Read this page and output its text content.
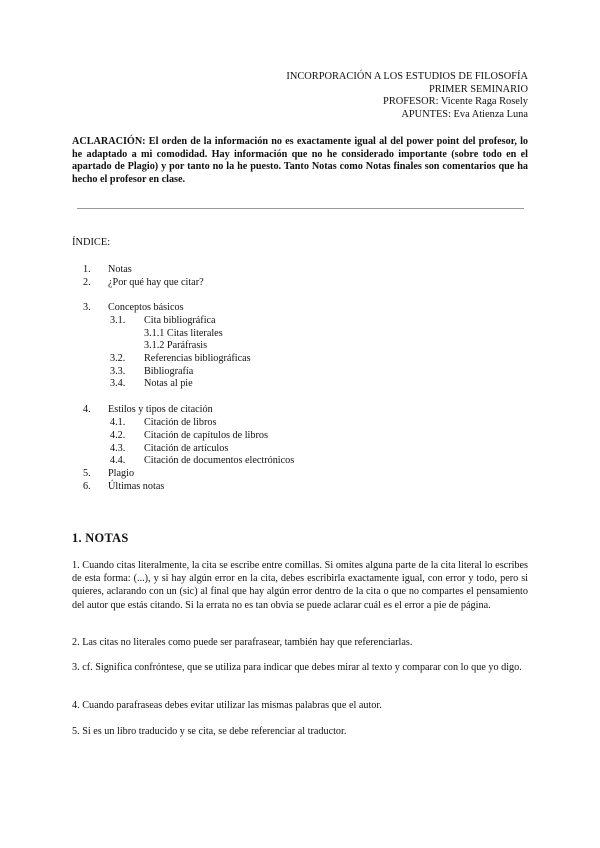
INCORPORACIÓN A LOS ESTUDIOS DE FILOSOFÍA
PRIMER SEMINARIO
PROFESOR: Vicente Raga Rosely
APUNTES: Eva Atienza Luna
ACLARACIÓN: El orden de la información no es exactamente igual al del power point del profesor, lo he adaptado a mi comodidad. Hay información que no he considerado importante (sobre todo en el apartado de Plagio) y por tanto no la he puesto. Tanto Notas como Notas finales son comentarios que ha hecho el profesor en clase.
ÍNDICE:
1. Notas
2. ¿Por qué hay que citar?
3. Conceptos básicos
3.1. Cita bibliográfica
3.1.1 Citas literales
3.1.2 Paráfrasis
3.2. Referencias bibliográficas
3.3. Bibliografía
3.4. Notas al pie
4. Estilos y tipos de citación
4.1. Citación de libros
4.2. Citación de capítulos de libros
4.3. Citación de artículos
4.4. Citación de documentos electrónicos
5. Plagio
6. Últimas notas
1. NOTAS
1. Cuando citas literalmente, la cita se escribe entre comillas. Si omites alguna parte de la cita literal lo escribes de esta forma: (...), y si hay algún error en la cita, debes escribirla exactamente igual, con error y todo, pero si quieres, aclarando con un (sic) al final que hay algún error dentro de la cita o que no compartes el pensamiento del autor que estás citando. Si la errata no es tan obvia se puede aclarar cuál es el error a pie de página.
2. Las citas no literales como puede ser parafrasear, también hay que referenciarlas.
3. cf. Significa confróntese, que se utiliza para indicar que debes mirar al texto y comparar con lo que yo digo.
4. Cuando parafraseas debes evitar utilizar las mismas palabras que el autor.
5. Si es un libro traducido y se cita, se debe referenciar al traductor.
